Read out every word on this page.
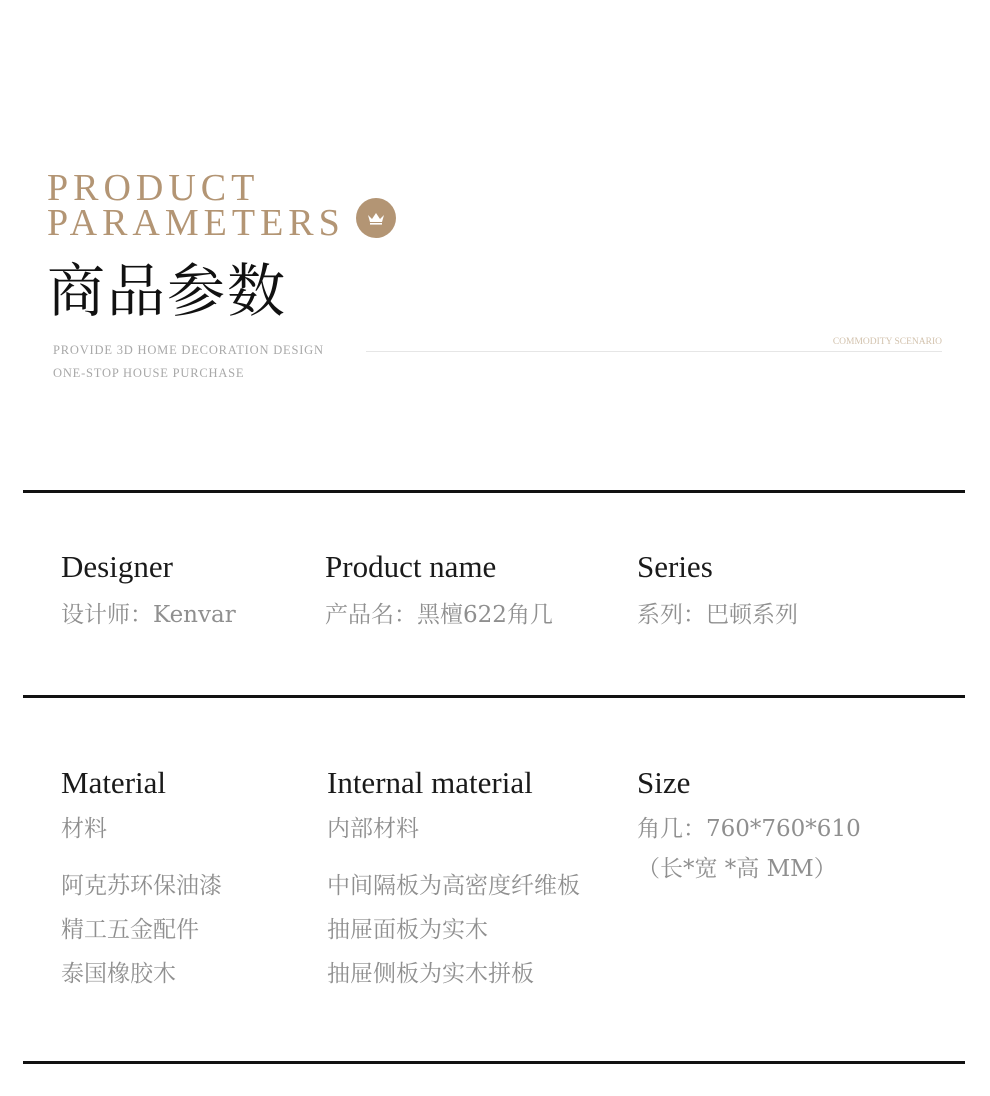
PRODUCT
PARAMETERS
商品参数
PROVIDE 3D HOME DECORATION DESIGN
ONE-STOP HOUSE PURCHASE
COMMODITY SCENARIO
Designer
设计师：Kenvar
Product name
产品名：黑檀622角几
Series
系列：巴顿系列
Material
材料
阿克苏环保油漆
精工五金配件
泰国橡胶木
Internal material
内部材料
中间隔板为高密度纤维板
抽屉面板为实木
抽屉侧板为实木拼板
Size
角几：760*760*610
（长*宽 *高 MM）
